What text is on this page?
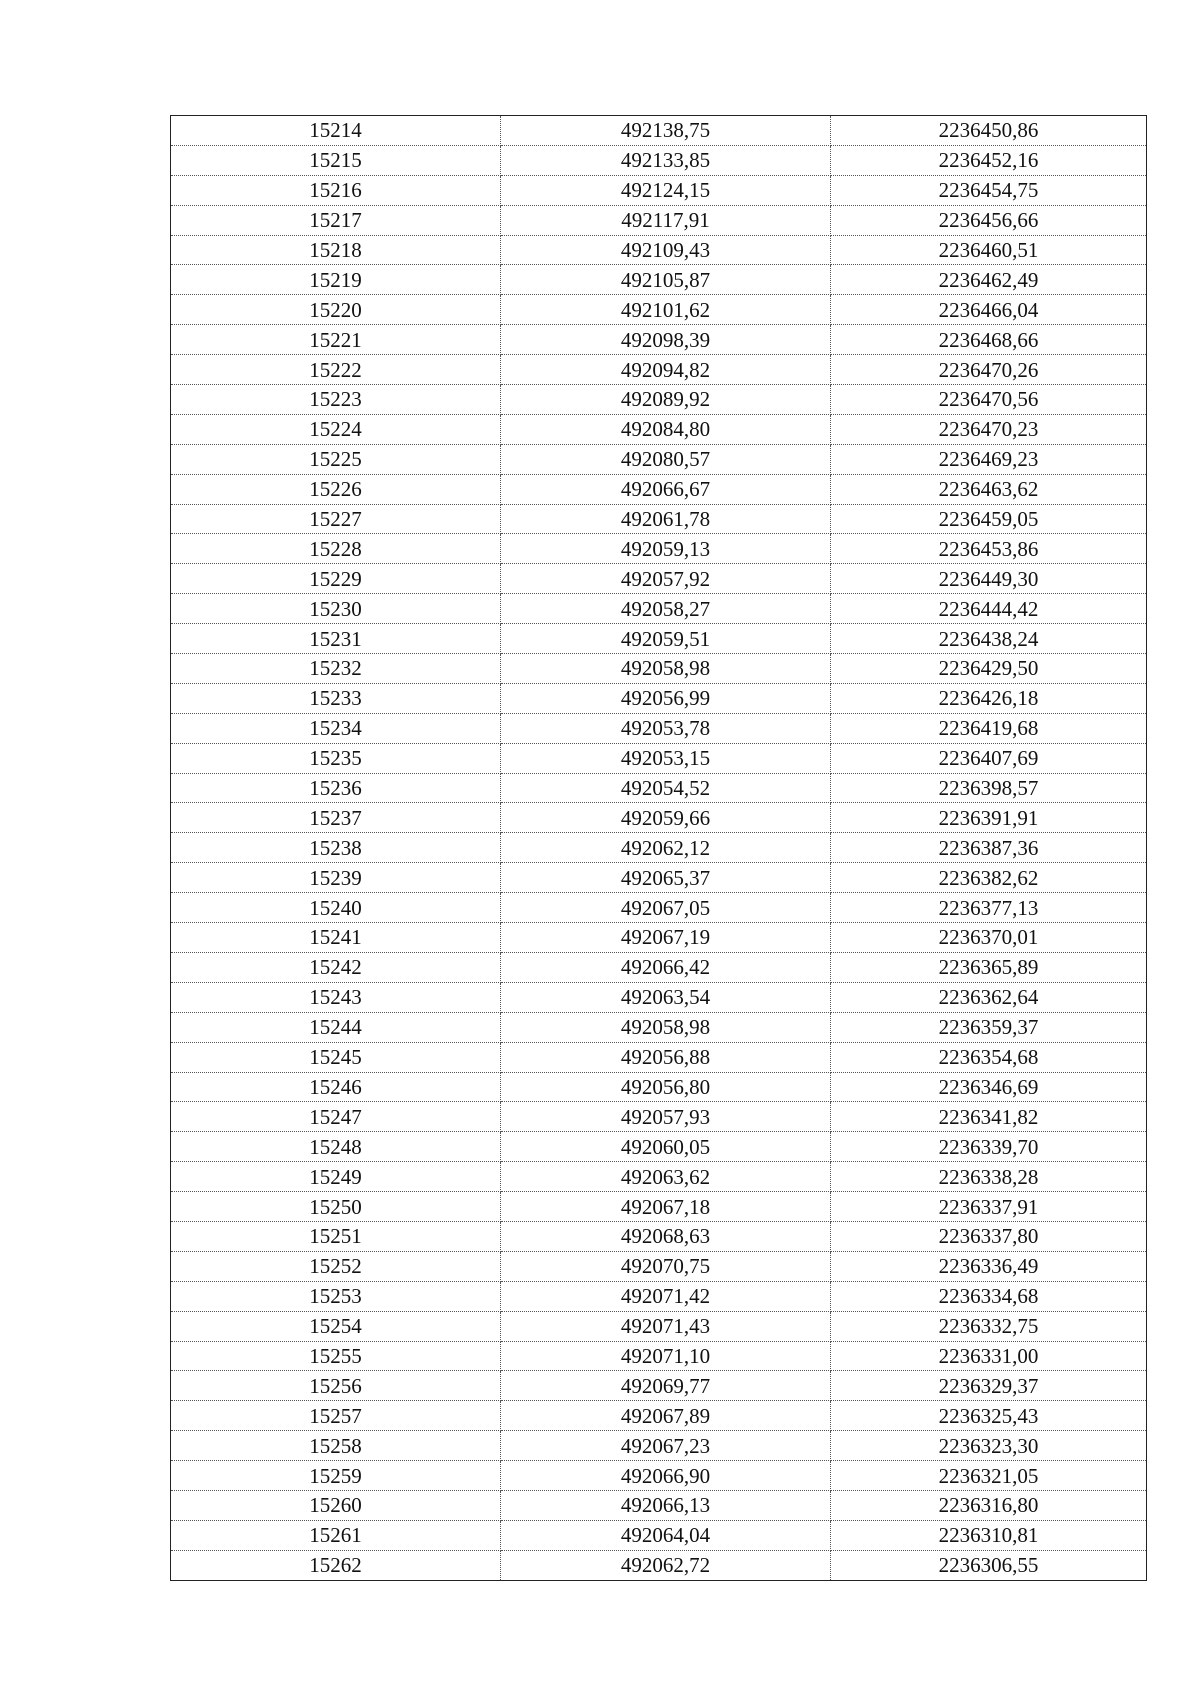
15214	492138,75	2236450,86
15215	492133,85	2236452,16
15216	492124,15	2236454,75
15217	492117,91	2236456,66
15218	492109,43	2236460,51
15219	492105,87	2236462,49
15220	492101,62	2236466,04
15221	492098,39	2236468,66
15222	492094,82	2236470,26
15223	492089,92	2236470,56
15224	492084,80	2236470,23
15225	492080,57	2236469,23
15226	492066,67	2236463,62
15227	492061,78	2236459,05
15228	492059,13	2236453,86
15229	492057,92	2236449,30
15230	492058,27	2236444,42
15231	492059,51	2236438,24
15232	492058,98	2236429,50
15233	492056,99	2236426,18
15234	492053,78	2236419,68
15235	492053,15	2236407,69
15236	492054,52	2236398,57
15237	492059,66	2236391,91
15238	492062,12	2236387,36
15239	492065,37	2236382,62
15240	492067,05	2236377,13
15241	492067,19	2236370,01
15242	492066,42	2236365,89
15243	492063,54	2236362,64
15244	492058,98	2236359,37
15245	492056,88	2236354,68
15246	492056,80	2236346,69
15247	492057,93	2236341,82
15248	492060,05	2236339,70
15249	492063,62	2236338,28
15250	492067,18	2236337,91
15251	492068,63	2236337,80
15252	492070,75	2236336,49
15253	492071,42	2236334,68
15254	492071,43	2236332,75
15255	492071,10	2236331,00
15256	492069,77	2236329,37
15257	492067,89	2236325,43
15258	492067,23	2236323,30
15259	492066,90	2236321,05
15260	492066,13	2236316,80
15261	492064,04	2236310,81
15262	492062,72	2236306,55
